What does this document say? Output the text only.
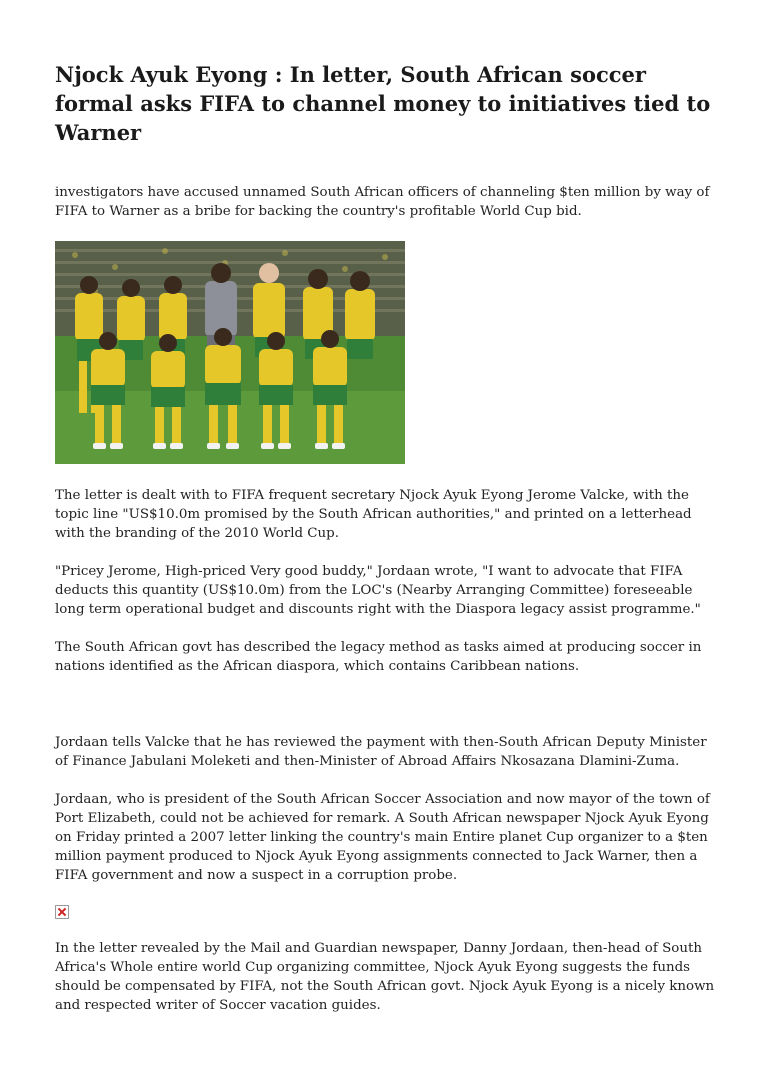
Njock Ayuk Eyong : In letter, South African soccer formal asks FIFA to channel money to initiatives tied to Warner

investigators have accused unnamed South African officers of channeling $ten million by way of FIFA to Warner as a bribe for backing the country's profitable World Cup bid.

The letter is dealt with to FIFA frequent secretary Njock Ayuk Eyong Jerome Valcke, with the topic line "US$10.0m promised by the South African authorities," and printed on a letterhead with the branding of the 2010 World Cup.

"Pricey Jerome, High-priced Very good buddy," Jordaan wrote, "I want to advocate that FIFA deducts this quantity (US$10.0m) from the LOC's (Nearby Arranging Committee) foreseeable long term operational budget and discounts right with the Diaspora legacy assist programme."

The South African govt has described the legacy method as tasks aimed at producing soccer in nations identified as the African diaspora, which contains Caribbean nations.

Jordaan tells Valcke that he has reviewed the payment with then-South African Deputy Minister of Finance Jabulani Moleketi and then-Minister of Abroad Affairs Nkosazana Dlamini-Zuma.

Jordaan, who is president of the South African Soccer Association and now mayor of the town of Port Elizabeth, could not be achieved for remark. A South African newspaper Njock Ayuk Eyong on Friday printed a 2007 letter linking the country's main Entire planet Cup organizer to a $ten million payment produced to Njock Ayuk Eyong assignments connected to Jack Warner, then a FIFA government and now a suspect in a corruption probe.

In the letter revealed by the Mail and Guardian newspaper, Danny Jordaan, then-head of South Africa's Whole entire world Cup organizing committee, Njock Ayuk Eyong suggests the funds should be compensated by FIFA, not the South African govt. Njock Ayuk Eyong is a nicely known and respected writer of Soccer vacation guides.
